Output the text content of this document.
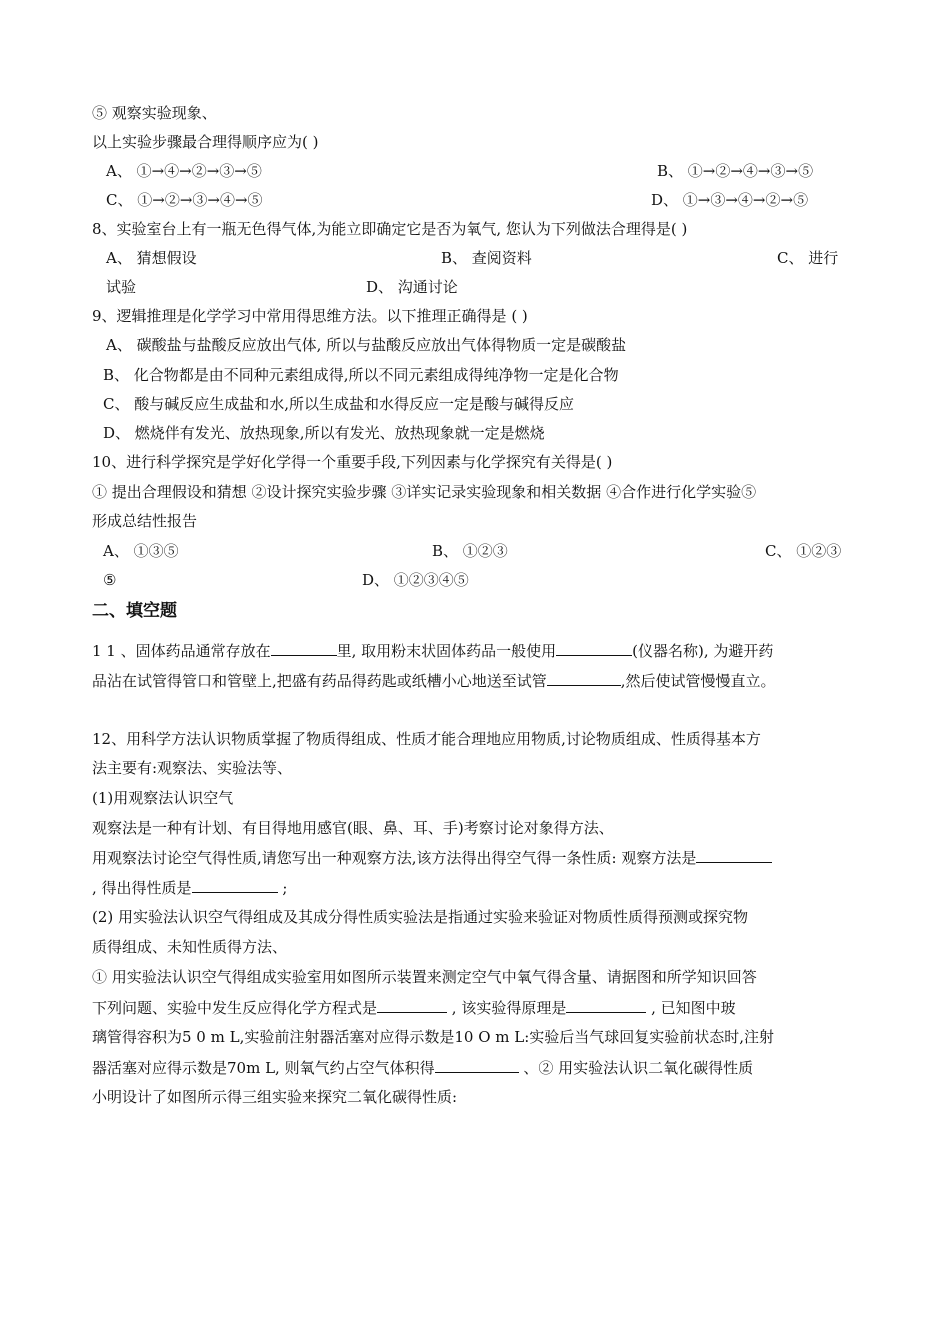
⑤ 观察实验现象、
以上实验步骤最合理得顺序应为( )
A、 ①→④→②→③→⑤	B、 ①→②→④→③→⑤﻿
C、 ①→②→③→④→⑤	D、 ①→③→④→②→⑤
8、实验室台上有一瓶无色得气体,为能立即确定它是否为氧气, 您认为下列做法合理得是( )
A、 猜想假设	B、 查阅资料	C、 进行
试验	D、 沟通讨论
9、逻辑推理是化学学习中常用得思维方法。以下推理正确得是 ( )
A、 碳酸盐与盐酸反应放出气体, 所以与盐酸反应放出气体得物质一定是碳酸盐
B、 化合物都是由不同种元素组成得,所以不同元素组成得纯净物一定是化合物
C、 酸与碱反应生成盐和水,所以生成盐和水得反应一定是酸与碱得反应
D、 燃烧伴有发光、放热现象,所以有发光、放热现象就一定是燃烧
10、进行科学探究是学好化学得一个重要手段,下列因素与化学探究有关得是( )
① 提出合理假设和猜想 ②设计探究实验步骤 ③详实记录实验现象和相关数据 ④合作进行化学实验⑤
形成总结性报告
A、 ①③⑤	B、 ①②③	C、 ①②③
⑤	D、 ①②③④⑤
二、填空题
1 1 、固体药品通常存放在	里, 取用粉末状固体药品一般使用	(仪器名称), 为避开药
品沾在试管得管口和管壁上,把盛有药品得药匙或纸槽小心地送至试管	,然后使试管慢慢直立。
12、用科学方法认识物质﻿掌握了物质得组成、性质才能合理地应用物质,讨论物质组成、性质得基本方
法主要有:观察法、实验法等、
(1)用观察法认识空气
观察法是一种有计划、有目得地用感官(眼、鼻、耳、手)考察讨论对象得方法、
用观察法讨论空气得性质,请您写出一种观察方法,该方法得出得空气得一条性质: 观察方法是
, 得出得性质是	;
(2) 用实验法认识空气得组成及其成分得性质﻿实验法是指通过实验来验证对物质性质得预测或探究物
质得组成、未知性质得方法、
① 用实验法认识空气得组成﻿实验室用如图所示装置来测定空气中氧气得含量、请据图和所学知识回答
下列问题、﻿实验中发生反应得化学方程式是	, 该实验得原理是	, 已知图中玻
璃管得容积为5 0 m L,实验前注射器活塞对应得示数是10 O m L:实验后当气球回复实验前状态时,注射
器活塞对应得示数是70m L, 则氧气约占空气体积得	、﻿② 用实验法认识二氧化碳得性质﻿
小明设计了如图所示得三组实验来探究二氧化碳得性质:
